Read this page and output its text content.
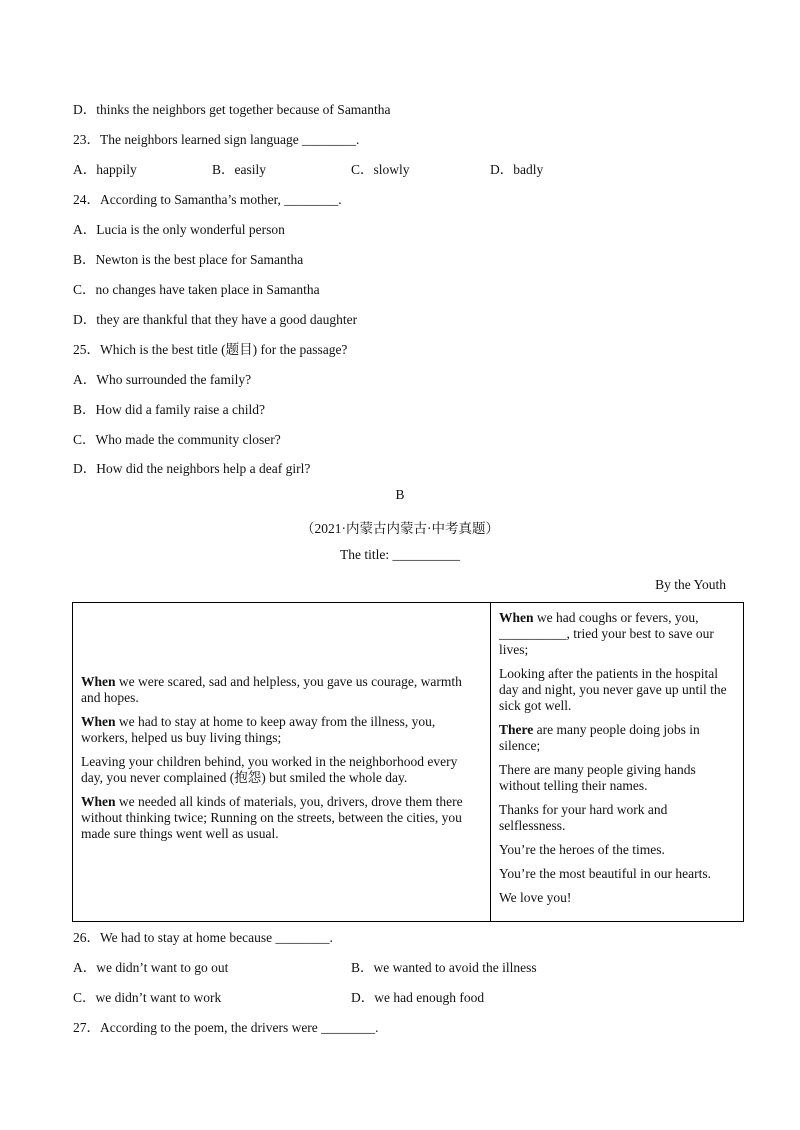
D．thinks the neighbors get together because of Samantha
23．The neighbors learned sign language ________.
A．happily	B．easily	C．slowly	D．badly
24．According to Samantha’s mother, ________.
A．Lucia is the only wonderful person
B．Newton is the best place for Samantha
C．no changes have taken place in Samantha
D．they are thankful that they have a good daughter
25．Which is the best title (题目) for the passage?
A．Who surrounded the family?
B．How did a family raise a child?
C．Who made the community closer?
D．How did the neighbors help a deaf girl?
B
（2021·内蒙古内蒙古·中考真题）
The title: __________
By the Youth

When we were scared, sad and helpless, you gave us courage, warmth and hopes.

When we had to stay at home to keep away from the illness, you, workers, helped us buy living things;

Leaving your children behind, you worked in the neighborhood every day, you never complained (抱怨) but smiled the whole day.

When we needed all kinds of materials, you, drivers, drove them there without thinking twice; Running on the streets, between the cities, you made sure things went well as usual.

When we had coughs or fevers, you, __________, tried your best to save our lives;

Looking after the patients in the hospital day and night, you never gave up until the sick got well.

There are many people doing jobs in silence;

There are many people giving hands without telling their names.

Thanks for your hard work and selflessness.

You’re the heroes of the times.

You’re the most beautiful in our hearts.

We love you!

26．We had to stay at home because ________.
A．we didn’t want to go out	B．we wanted to avoid the illness
C．we didn’t want to work	D．we had enough food
27．According to the poem, the drivers were ________.
